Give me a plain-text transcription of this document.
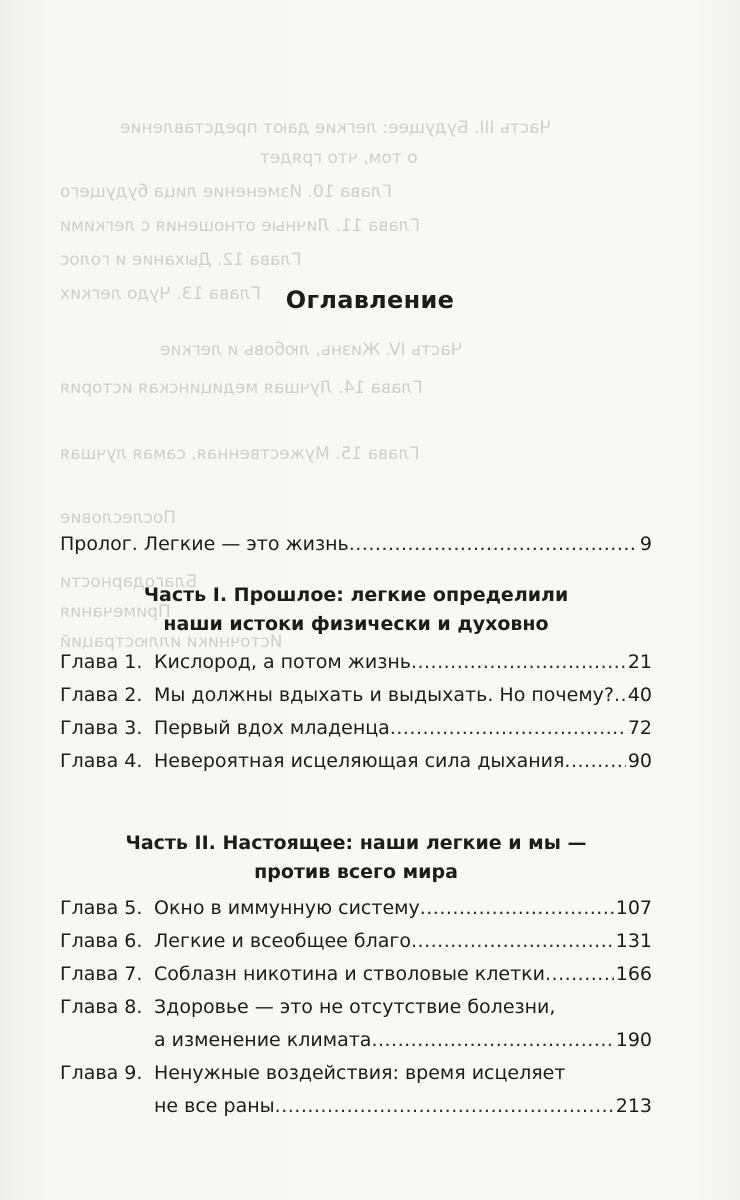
Часть III. Будущее: легкие дают представление
о том, что грядет
Глава 10. Изменение лица будущего
Глава 11. Личные отношения с легкими
Глава 12. Дыхание и голос
Глава 13. Чудо легких
Часть IV. Жизнь, любовь и легкие
Глава 14. Лучшая медицинская история
Глава 15. Мужественная, самая лучшая
Послесловие
Благодарности
Примечания
Источники иллюстраций
Оглавление
Пролог. Легкие — это жизнь .....	9
Часть I. Прошлое: легкие определили
наши истоки физически и духовно
Глава 1. Кислород, а потом жизнь .....	21
Глава 2. Мы должны вдыхать и выдыхать. Но почему? ..... 40
Глава 3. Первый вдох младенца .....	72
Глава 4. Невероятная исцеляющая сила дыхания .....	90
Часть II. Настоящее: наши легкие и мы —
против всего мира
Глава 5. Окно в иммунную систему .....	107
Глава 6. Легкие и всеобщее благо .....	131
Глава 7. Соблазн никотина и стволовые клетки .....	166
Глава 8. Здоровье — это не отсутствие болезни,
а изменение климата .....	190
Глава 9. Ненужные воздействия: время исцеляет
не все раны .....	213
